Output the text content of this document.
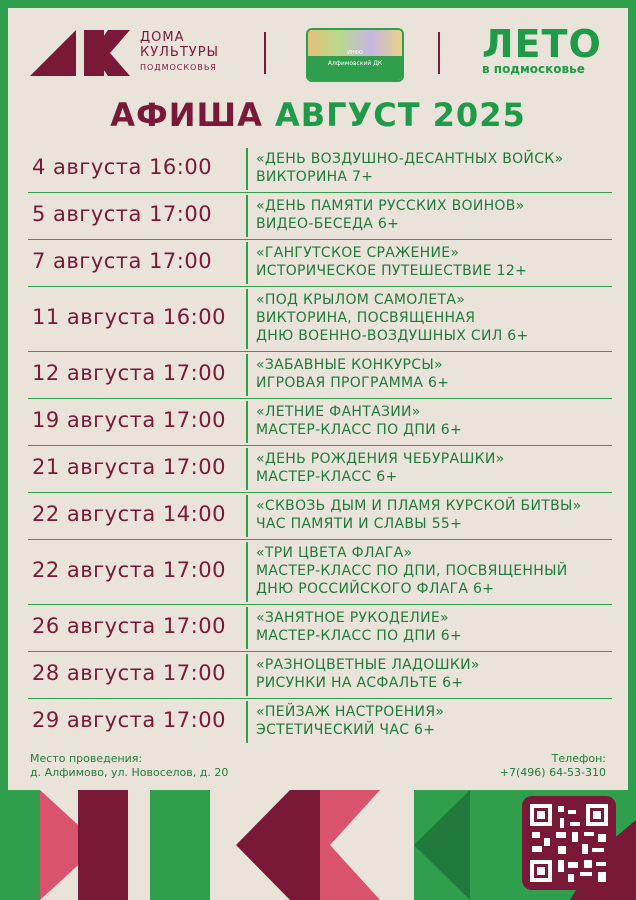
ДОМА
КУЛЬТУРЫ
ПОДМОСКОВЬЯ
ИНФО
Алфимовский ДК	ЛЕТО
в подмосковье
АФИША АВГУСТ 2025
4 августа 16:00	«ДЕНЬ ВОЗДУШНО-ДЕСАНТНЫХ ВОЙСК»
ВИКТОРИНА 7+
5 августа 17:00	«ДЕНЬ ПАМЯТИ РУССКИХ ВОИНОВ»
ВИДЕО-БЕСЕДА 6+
7 августа 17:00	«ГАНГУТСКОЕ СРАЖЕНИЕ»
ИСТОРИЧЕСКОЕ ПУТЕШЕСТВИЕ 12+
11 августа 16:00
«ПОД КРЫЛОМ САМОЛЕТА»
ВИКТОРИНА, ПОСВЯЩЕННАЯ
ДНЮ ВОЕННО-ВОЗДУШНЫХ СИЛ 6+
12 августа 17:00	«ЗАБАВНЫЕ КОНКУРСЫ»
ИГРОВАЯ ПРОГРАММА 6+
19 августа 17:00	«ЛЕТНИЕ ФАНТАЗИИ»
МАСТЕР-КЛАСС ПО ДПИ 6+
21 августа 17:00	«ДЕНЬ РОЖДЕНИЯ ЧЕБУРАШКИ»
МАСТЕР-КЛАСС 6+
22 августа 14:00	«СКВОЗЬ ДЫМ И ПЛАМЯ КУРСКОЙ БИТВЫ»
ЧАС ПАМЯТИ И СЛАВЫ 55+
22 августа 17:00
«ТРИ ЦВЕТА ФЛАГА»
МАСТЕР-КЛАСС ПО ДПИ, ПОСВЯЩЕННЫЙ
ДНЮ РОССИЙСКОГО ФЛАГА 6+
26 августа 17:00	«ЗАНЯТНОЕ РУКОДЕЛИЕ»
МАСТЕР-КЛАСС ПО ДПИ 6+
28 августа 17:00	«РАЗНОЦВЕТНЫЕ ЛАДОШКИ»
РИСУНКИ НА АСФАЛЬТЕ 6+
29 августа 17:00	«ПЕЙЗАЖ НАСТРОЕНИЯ»
ЭСТЕТИЧЕСКИЙ ЧАС 6+
Место проведения:
д. Алфимово, ул. Новоселов, д. 20
Телефон:
+7(496) 64-53-310
